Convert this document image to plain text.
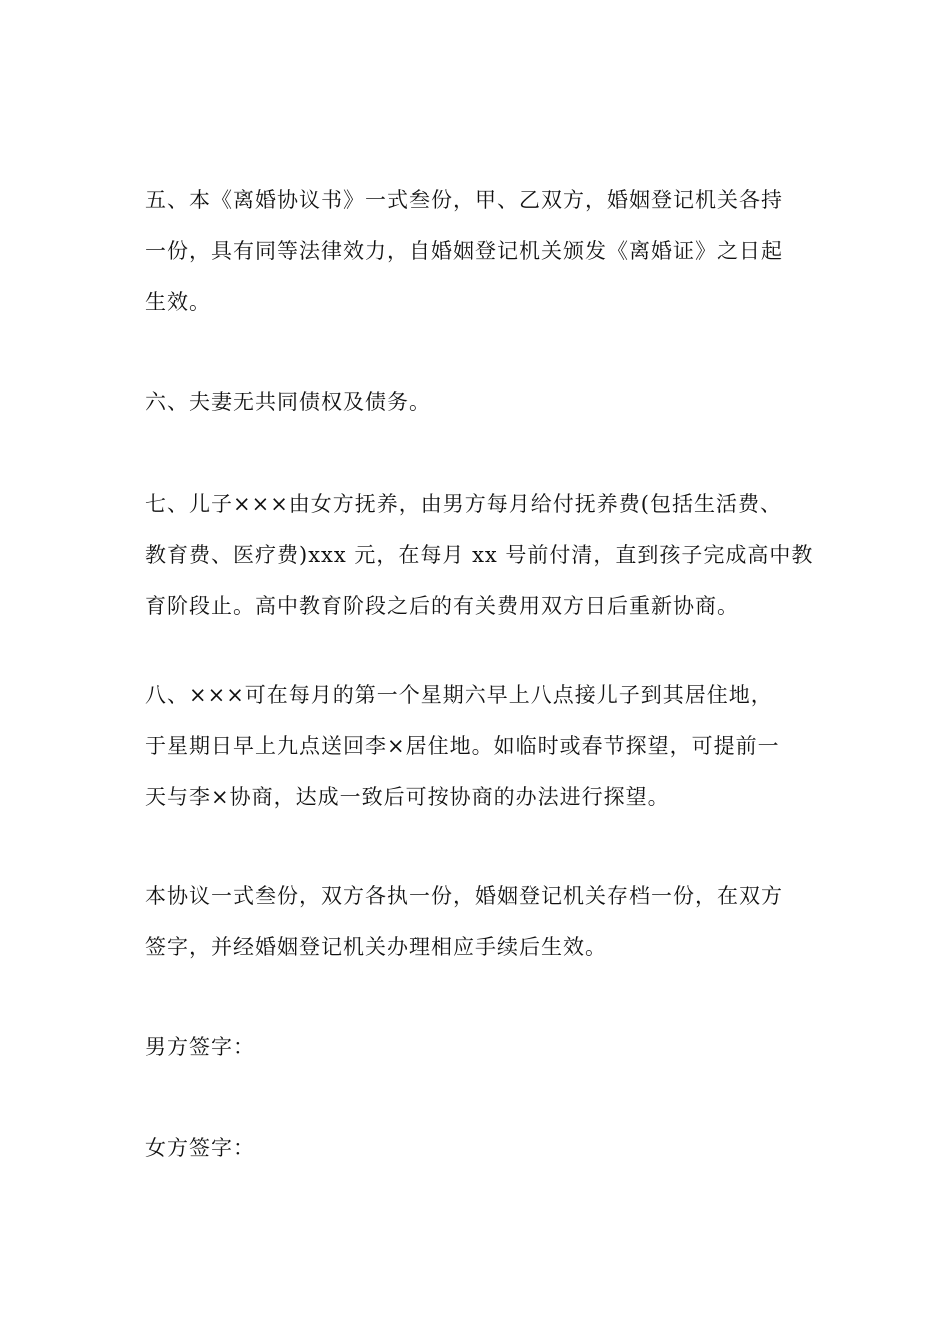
五、本《离婚协议书》一式叁份，甲、乙双方，婚姻登记机关各持
一份，具有同等法律效力，自婚姻登记机关颁发《离婚证》之日起
生效。

六、夫妻无共同债权及债务。

七、儿子×××由女方抚养，由男方每月给付抚养费(包括生活费、
教育费、医疗费)xxx 元，在每月 xx 号前付清，直到孩子完成高中教
育阶段止。高中教育阶段之后的有关费用双方日后重新协商。

八、×××可在每月的第一个星期六早上八点接儿子到其居住地，
于星期日早上九点送回李×居住地。如临时或春节探望，可提前一
天与李×协商，达成一致后可按协商的办法进行探望。

本协议一式叁份，双方各执一份，婚姻登记机关存档一份，在双方
签字，并经婚姻登记机关办理相应手续后生效。

男方签字：

女方签字：
